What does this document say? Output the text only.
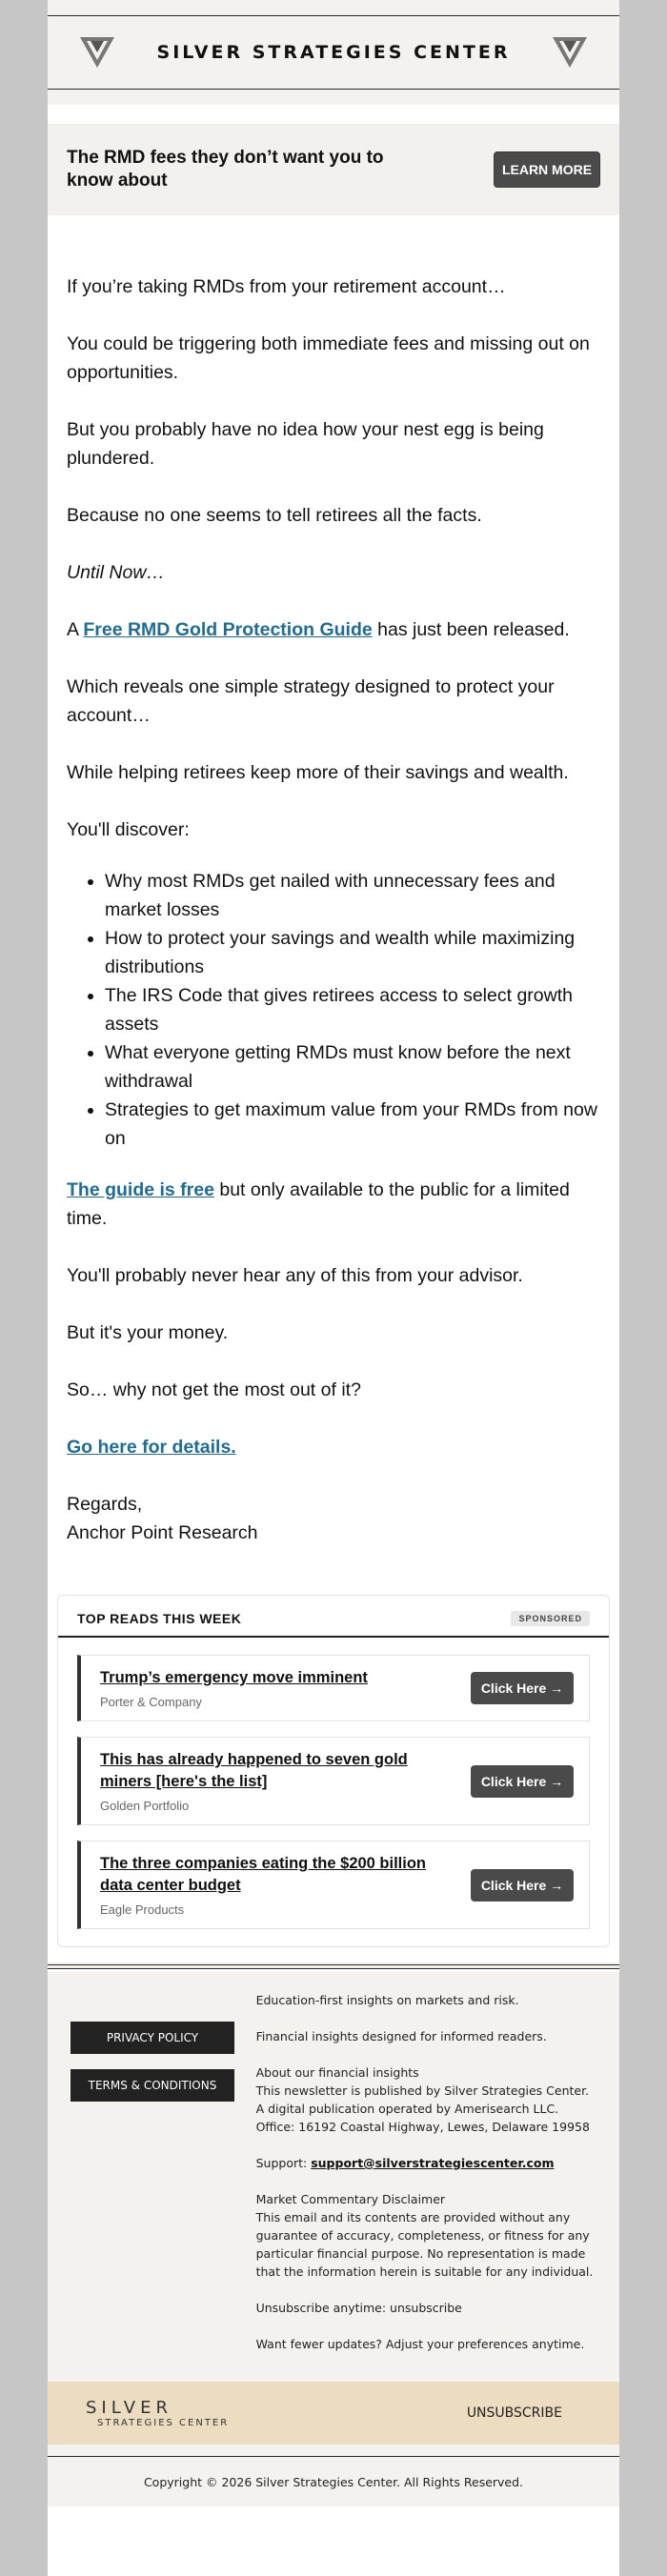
SILVER STRATEGIES CENTER
The RMD fees they don’t want you to know about
LEARN MORE

If you’re taking RMDs from your retirement account…

You could be triggering both immediate fees and missing out on opportunities.

But you probably have no idea how your nest egg is being plundered.

Because no one seems to tell retirees all the facts.

Until Now…

A Free RMD Gold Protection Guide has just been released.

Which reveals one simple strategy designed to protect your account…

While helping retirees keep more of their savings and wealth.

You'll discover:

• Why most RMDs get nailed with unnecessary fees and market losses
• How to protect your savings and wealth while maximizing distributions
• The IRS Code that gives retirees access to select growth assets
• What everyone getting RMDs must know before the next withdrawal
• Strategies to get maximum value from your RMDs from now on

The guide is free but only available to the public for a limited time.

You'll probably never hear any of this from your advisor.

But it's your money.

So… why not get the most out of it?

Go here for details.

Regards,
Anchor Point Research

TOP READS THIS WEEK	SPONSORED
Trump’s emergency move imminent
Porter & Company
Click Here →
This has already happened to seven gold miners [here's the list]
Golden Portfolio
Click Here →
The three companies eating the $200 billion data center budget
Eagle Products
Click Here →
PRIVACY POLICY
TERMS & CONDITIONS

Education-first insights on markets and risk.

Financial insights designed for informed readers.

About our financial insights
This newsletter is published by Silver Strategies Center.
A digital publication operated by Amerisearch LLC.
Office: 16192 Coastal Highway, Lewes, Delaware 19958

Support: support@silverstrategiescenter.com

Market Commentary Disclaimer
This email and its contents are provided without any guarantee of accuracy, completeness, or fitness for any particular financial purpose. No representation is made that the information herein is suitable for any individual.

Unsubscribe anytime: unsubscribe

Want fewer updates? Adjust your preferences anytime.

SILVER
STRATEGIES CENTER
UNSUBSCRIBE
Copyright © 2026 Silver Strategies Center. All Rights Reserved.
